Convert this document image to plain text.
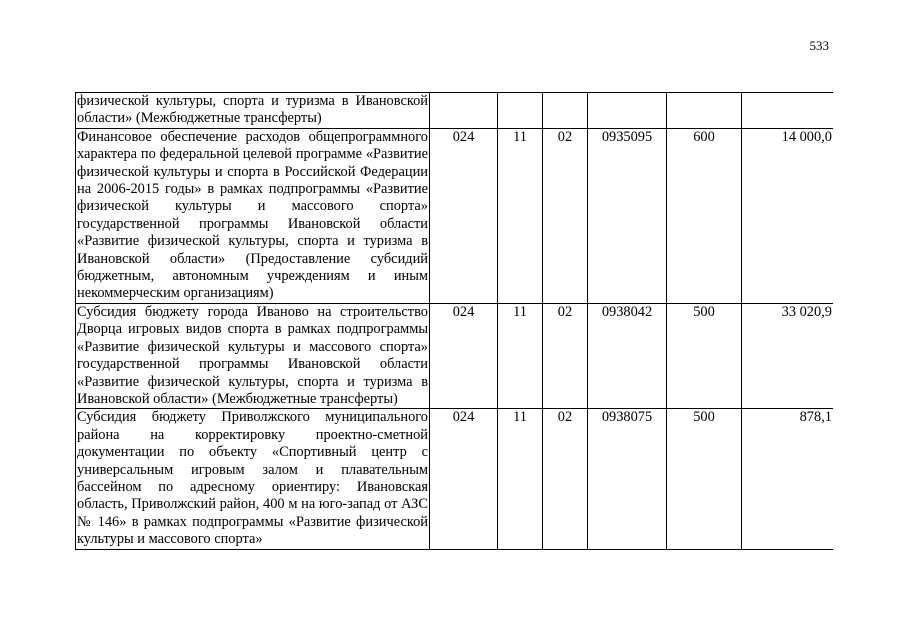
533
физической культуры, спорта и туризма в Ивановской области» (Межбюджетные трансферты)						
Финансовое обеспечение расходов общепрограммного характера по федеральной целевой программе «Развитие физической культуры и спорта в Российской Федерации на 2006-2015 годы» в рамках подпрограммы «Развитие физической культуры и массового спорта» государственной программы Ивановской области «Развитие физической культуры, спорта и туризма в Ивановской области» (Предоставление субсидий бюджетным, автономным учреждениям и иным некоммерческим организациям)	024	11	02	0935095	600	14 000,0
Субсидия бюджету города Иваново на строительство Дворца игровых видов спорта в рамках подпрограммы «Развитие физической культуры и массового спорта» государственной программы Ивановской области «Развитие физической культуры, спорта и туризма в Ивановской области» (Межбюджетные трансферты)	024	11	02	0938042	500	33 020,9
Субсидия бюджету Приволжского муниципального района на корректировку проектно-сметной документации по объекту «Спортивный центр с универсальным игровым залом и плавательным бассейном по адресному ориентиру: Ивановская область, Приволжский район, 400 м на юго-запад от АЗС № 146» в рамках подпрограммы «Развитие физической культуры и массового спорта»	024	11	02	0938075	500	878,1
